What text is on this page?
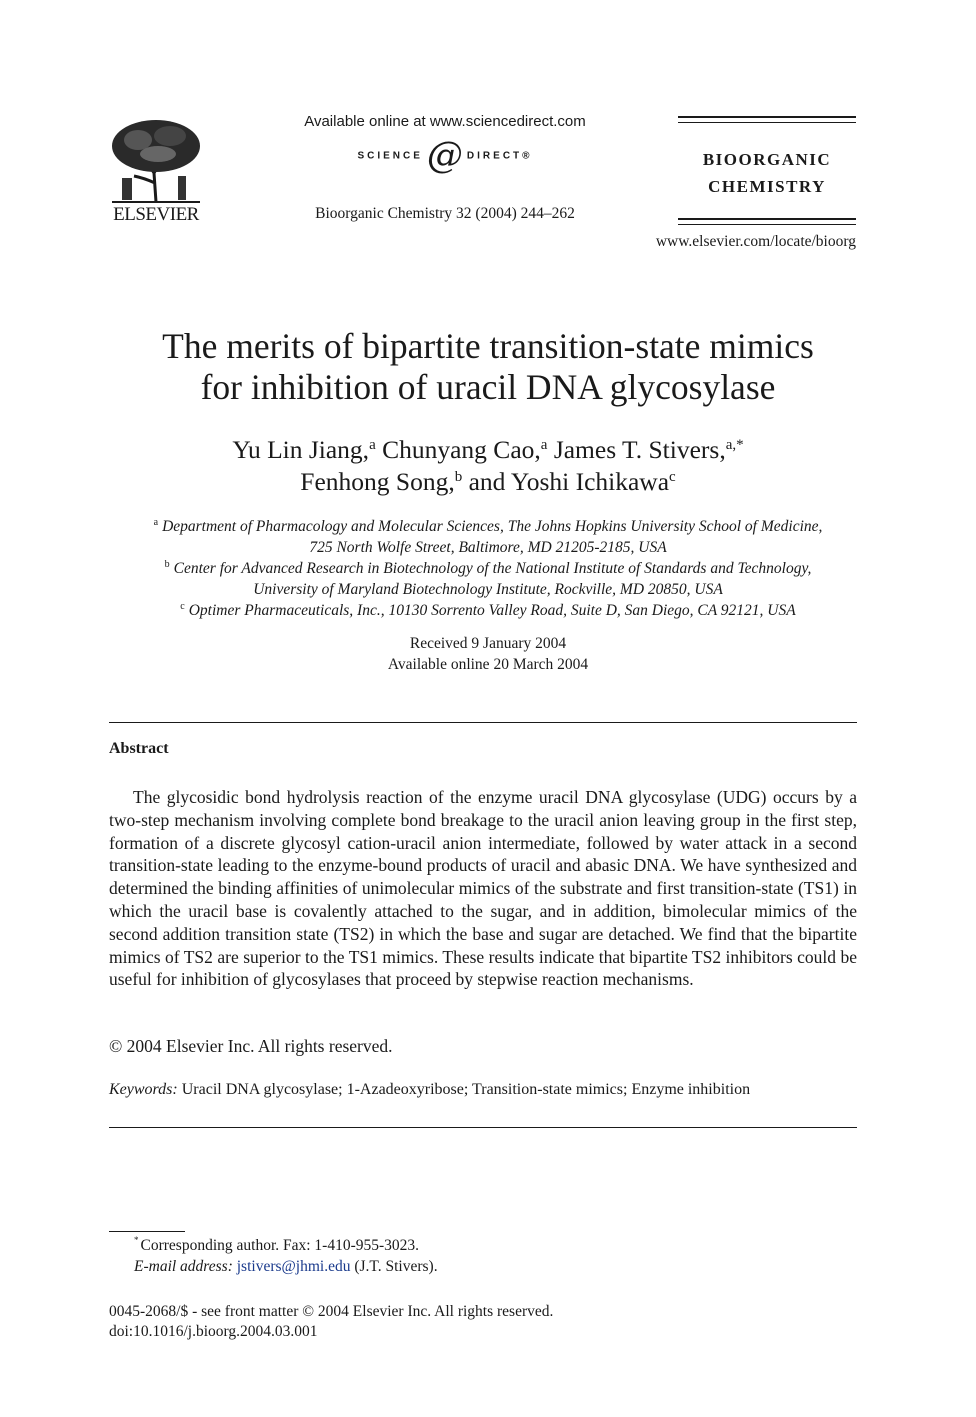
ELSEVIER
Available online at www.sciencedirect.com
SCIENCE @ DIRECT®
Bioorganic Chemistry 32 (2004) 244–262
BIOORGANIC
CHEMISTRY
www.elsevier.com/locate/bioorg
The merits of bipartite transition-state mimics
for inhibition of uracil DNA glycosylase
Yu Lin Jiang,$^a$ Chunyang Cao,$^a$ James T. Stivers,$^{a,*}$
Fenhong Song,$^b$ and Yoshi Ichikawa$^c$
$^a$ Department of Pharmacology and Molecular Sciences, The Johns Hopkins University School of Medicine,
725 North Wolfe Street, Baltimore, MD 21205-2185, USA
$^b$ Center for Advanced Research in Biotechnology of the National Institute of Standards and Technology,
University of Maryland Biotechnology Institute, Rockville, MD 20850, USA
$^c$ Optimer Pharmaceuticals, Inc., 10130 Sorrento Valley Road, Suite D, San Diego, CA 92121, USA
Received 9 January 2004
Available online 20 March 2004
Abstract

The glycosidic bond hydrolysis reaction of the enzyme uracil DNA glycosylase (UDG) occurs by a two-step mechanism involving complete bond breakage to the uracil anion leaving group in the first step, formation of a discrete glycosyl cation-uracil anion intermediate, followed by water attack in a second transition-state leading to the enzyme-bound products of uracil and abasic DNA. We have synthesized and determined the binding affinities of unimolecular mimics of the substrate and first transition-state (TS1) in which the uracil base is covalently attached to the sugar, and in addition, bimolecular mimics of the second addition transition state (TS2) in which the base and sugar are detached. We find that the bipartite mimics of TS2 are superior to the TS1 mimics. These results indicate that bipartite TS2 inhibitors could be useful for inhibition of glycosylases that proceed by stepwise reaction mechanisms.

© 2004 Elsevier Inc. All rights reserved.
Keywords: Uracil DNA glycosylase; 1-Azadeoxyribose; Transition-state mimics; Enzyme inhibition
* Corresponding author. Fax: 1-410-955-3023.
E-mail address: jstivers@jhmi.edu (J.T. Stivers).
0045-2068/$ - see front matter © 2004 Elsevier Inc. All rights reserved.
doi:10.1016/j.bioorg.2004.03.001
